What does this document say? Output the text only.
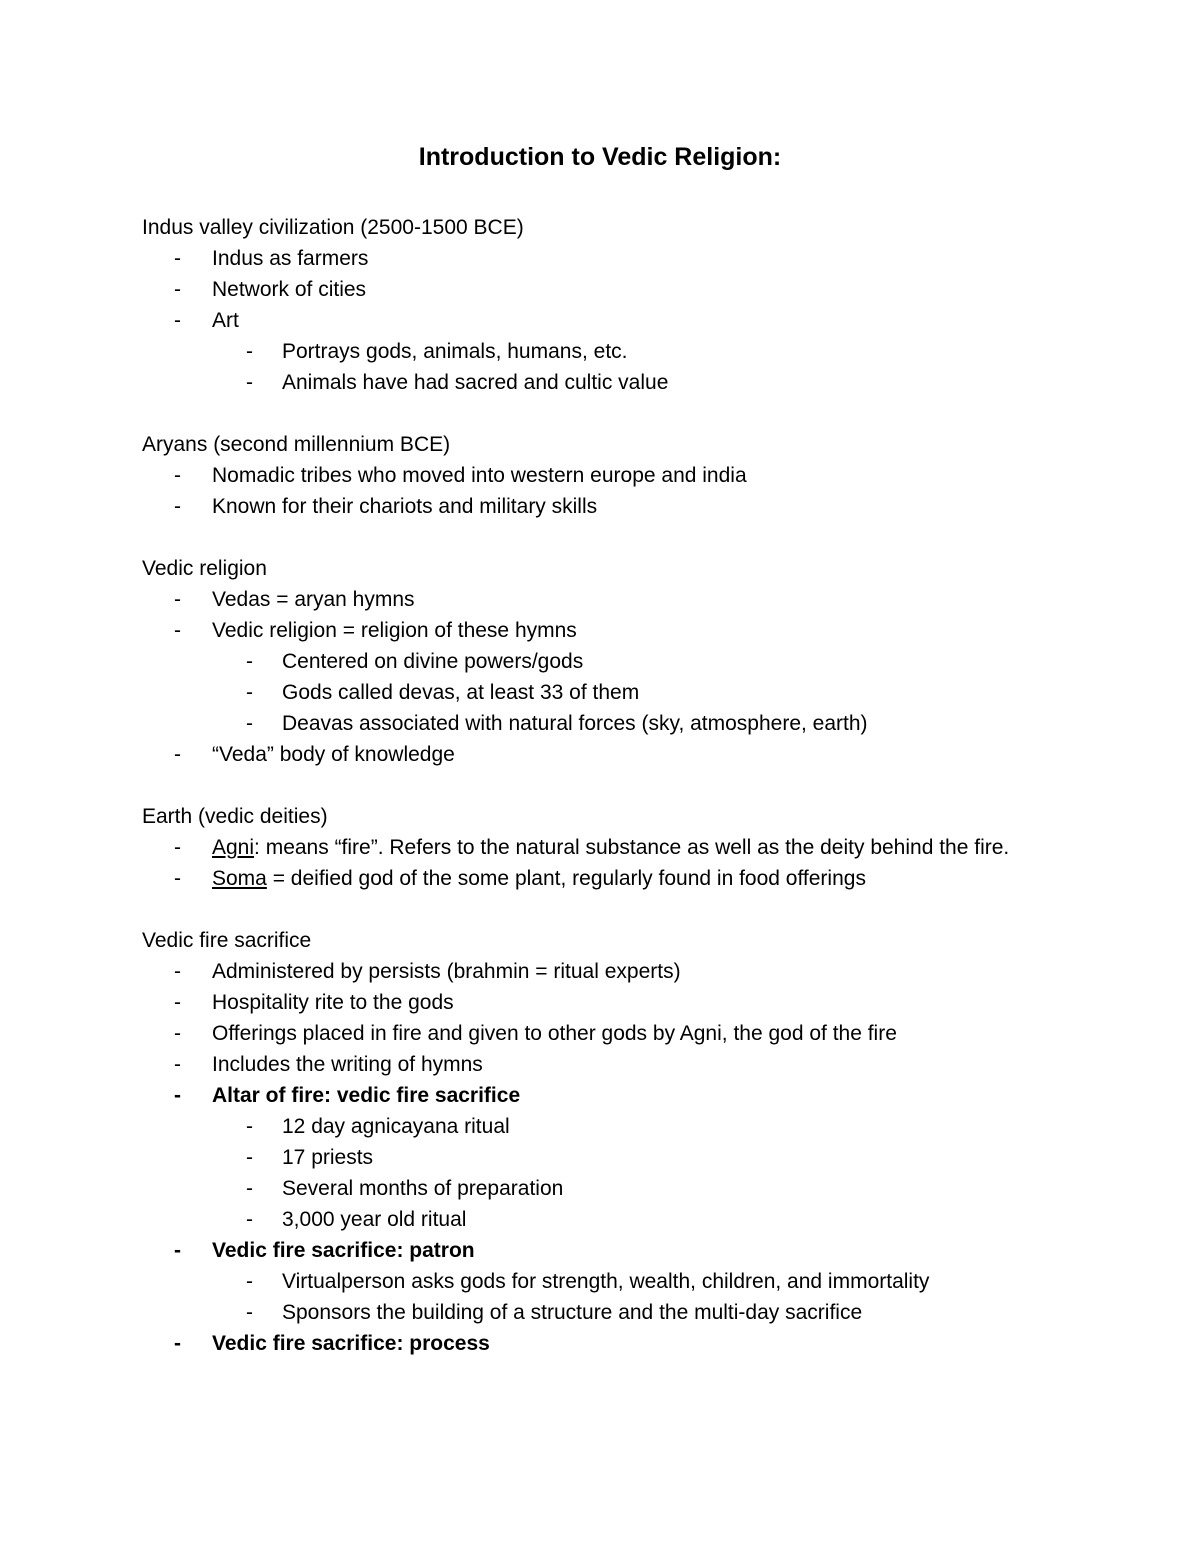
Introduction to Vedic Religion:
Indus valley civilization (2500-1500 BCE)
- Indus as farmers
- Network of cities
- Art
- Portrays gods, animals, humans, etc.
- Animals have had sacred and cultic value
Aryans (second millennium BCE)
- Nomadic tribes who moved into western europe and india
- Known for their chariots and military skills
Vedic religion
- Vedas = aryan hymns
- Vedic religion = religion of these hymns
- Centered on divine powers/gods
- Gods called devas, at least 33 of them
- Deavas associated with natural forces (sky, atmosphere, earth)
- “Veda” body of knowledge
Earth (vedic deities)
- Agni: means “fire”. Refers to the natural substance as well as the deity behind the fire.
- Soma = deified god of the some plant, regularly found in food offerings
Vedic fire sacrifice
- Administered by persists (brahmin = ritual experts)
- Hospitality rite to the gods
- Offerings placed in fire and given to other gods by Agni, the god of the fire
- Includes the writing of hymns
- Altar of fire: vedic fire sacrifice
- 12 day agnicayana ritual
- 17 priests
- Several months of preparation
- 3,000 year old ritual
- Vedic fire sacrifice: patron
- Virtualperson asks gods for strength, wealth, children, and immortality
- Sponsors the building of a structure and the multi-day sacrifice
- Vedic fire sacrifice: process
